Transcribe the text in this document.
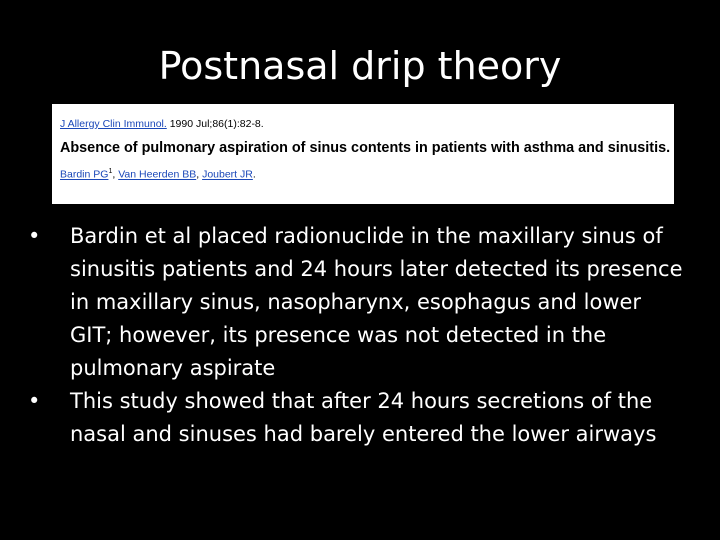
Postnasal drip theory
J Allergy Clin Immunol. 1990 Jul;86(1):82-8.
Absence of pulmonary aspiration of sinus contents in patients with asthma and sinusitis.
Bardin $PG^1$, Van Heerden BB, Joubert JR.
• Bardin et al placed radionuclide in the maxillary sinus of sinusitis patients and 24 hours later detected its presence in maxillary sinus, nasopharynx, esophagus and lower GIT; however, its presence was not detected in the pulmonary aspirate
• This study showed that after 24 hours secretions of the nasal and sinuses had barely entered the lower airways
